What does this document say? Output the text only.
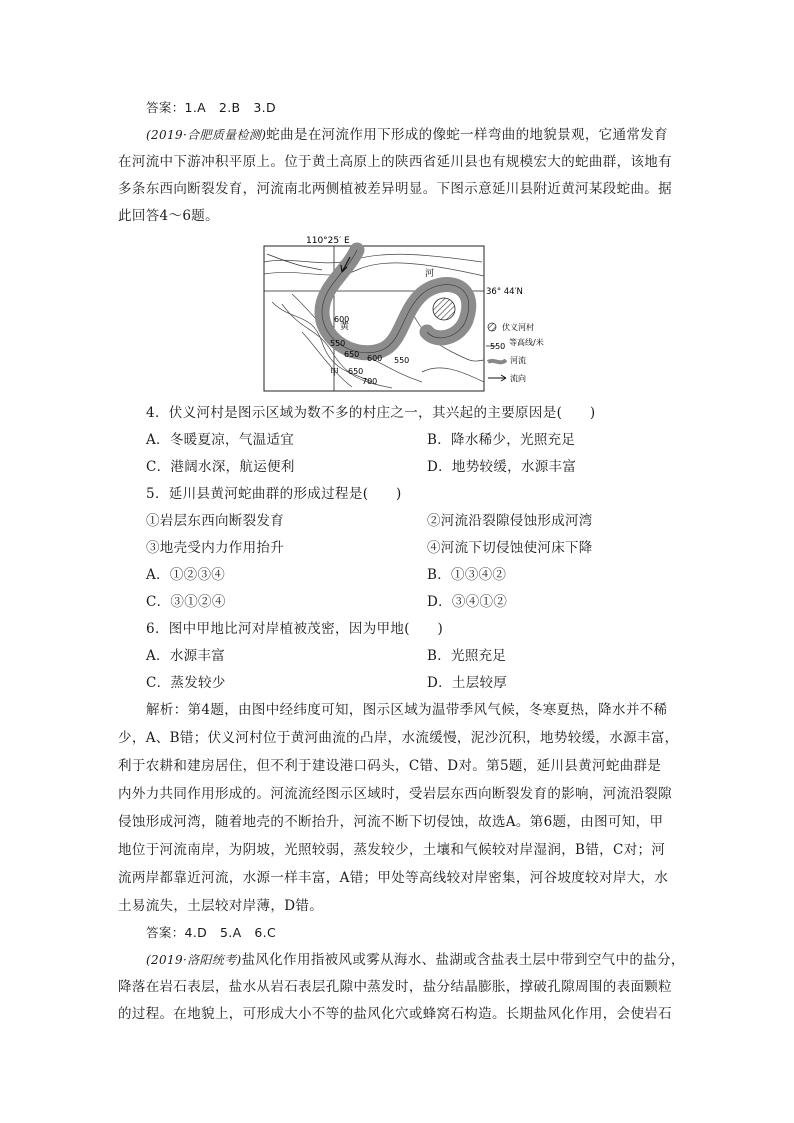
答案：1.A　2.B　3.D
(2019·合肥质量检测)蛇曲是在河流作用下形成的像蛇一样弯曲的地貌景观，它通常发育
在河流中下游冲积平原上。位于黄土高原上的陕西省延川县也有规模宏大的蛇曲群，该地有
多条东西向断裂发育，河流南北两侧植被差异明显。下图示意延川县附近黄河某段蛇曲。据
此回答4～6题。
110°25′ E
36° 44′N
河
黄
甲
600
550
650 600 550
650
700
伏义河村
550 等高线/米
河流
流向
4．伏义河村是图示区域为数不多的村庄之一，其兴起的主要原因是(　　)
A．冬暖夏凉，气温适宜	B．降水稀少，光照充足
C．港阔水深，航运便利	D．地势较缓，水源丰富
5．延川县黄河蛇曲群的形成过程是(　　)
①岩层东西向断裂发育	②河流沿裂隙侵蚀形成河湾
③地壳受内力作用抬升	④河流下切侵蚀使河床下降
A．①②③④	B．①③④②
C．③①②④	D．③④①②
6．图中甲地比河对岸植被茂密，因为甲地(　　)
A．水源丰富	B．光照充足
C．蒸发较少	D．土层较厚
解析：第4题，由图中经纬度可知，图示区域为温带季风气候，冬寒夏热，降水并不稀
少，A、B错；伏义河村位于黄河曲流的凸岸，水流缓慢，泥沙沉积，地势较缓，水源丰富，
利于农耕和建房居住，但不利于建设港口码头，C错、D对。第5题，延川县黄河蛇曲群是
内外力共同作用形成的。河流流经图示区域时，受岩层东西向断裂发育的影响，河流沿裂隙
侵蚀形成河湾，随着地壳的不断抬升，河流不断下切侵蚀，故选A。第6题，由图可知，甲
地位于河流南岸，为阴坡，光照较弱，蒸发较少，土壤和气候较对岸湿润，B错，C对；河
流两岸都靠近河流，水源一样丰富，A错；甲处等高线较对岸密集，河谷坡度较对岸大，水
土易流失，土层较对岸薄，D错。
答案：4.D　5.A　6.C
(2019·洛阳统考)盐风化作用指被风或雾从海水、盐湖或含盐表土层中带到空气中的盐分，
降落在岩石表层，盐水从岩石表层孔隙中蒸发时，盐分结晶膨胀，撑破孔隙周围的表面颗粒
的过程。在地貌上，可形成大小不等的盐风化穴或蜂窝石构造。长期盐风化作用，会使岩石
